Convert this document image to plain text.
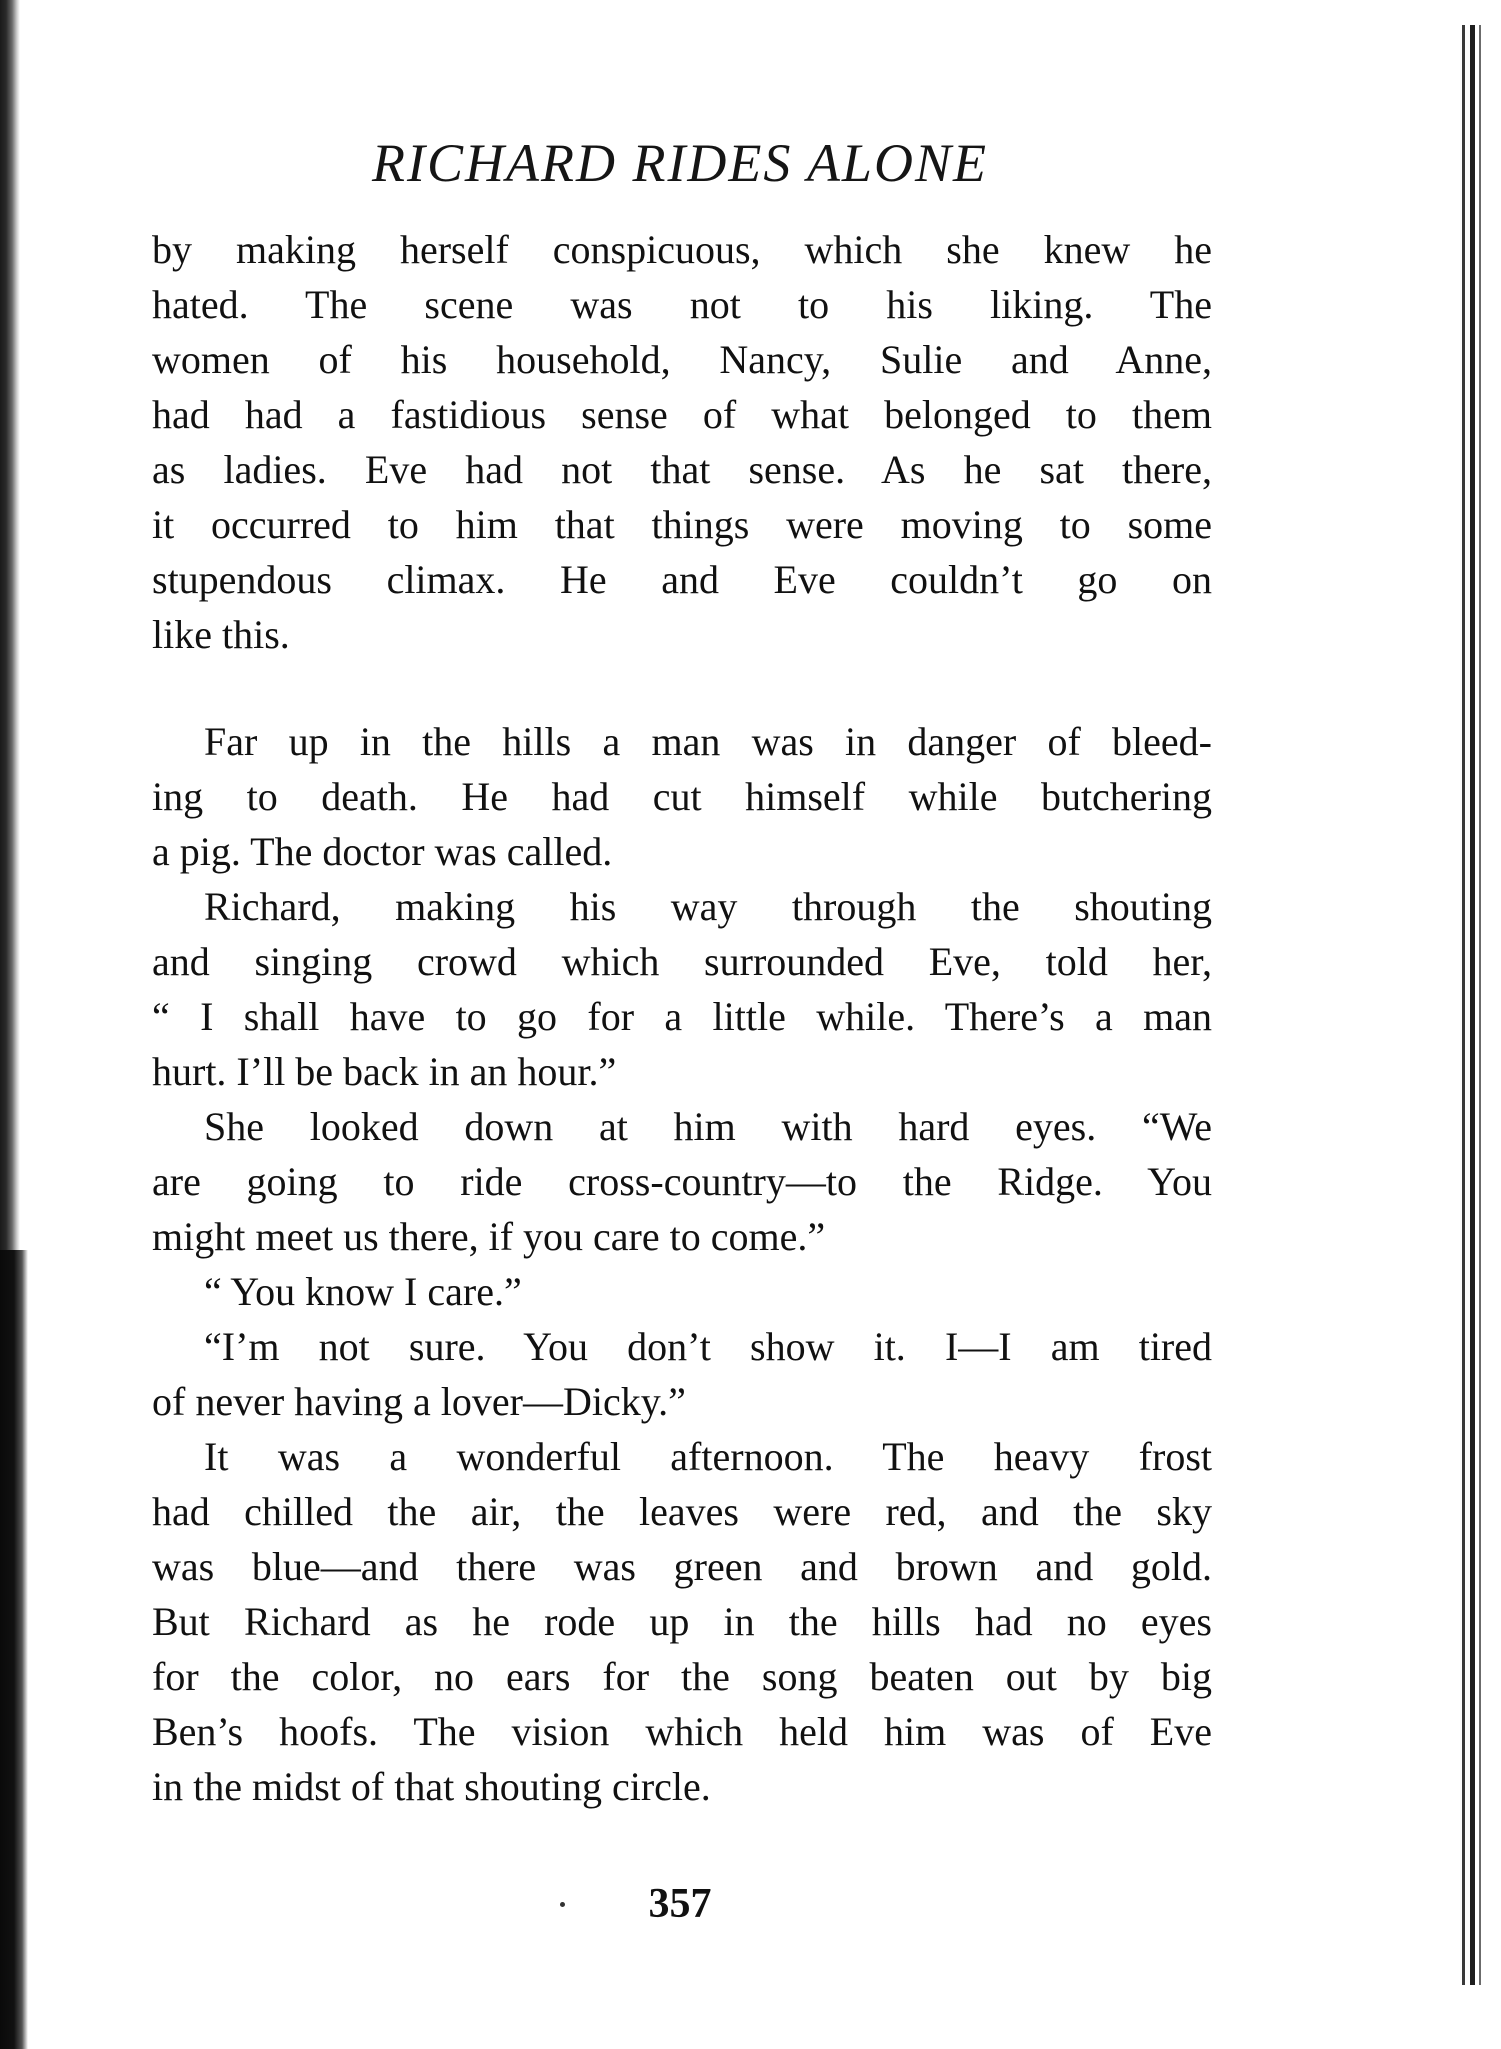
RICHARD RIDES ALONE
by making herself conspicuous, which she knew he
hated. The scene was not to his liking. The
women of his household, Nancy, Sulie and Anne,
had had a fastidious sense of what belonged to them
as ladies. Eve had not that sense. As he sat there,
it occurred to him that things were moving to some
stupendous climax. He and Eve couldn’t go on
like this.
Far up in the hills a man was in danger of bleed-
ing to death. He had cut himself while butchering
a pig. The doctor was called.
Richard, making his way through the shouting
and singing crowd which surrounded Eve, told her,
“ I shall have to go for a little while. There’s a man
hurt. I’ll be back in an hour.”
She looked down at him with hard eyes. “We
are going to ride cross-country—to the Ridge. You
might meet us there, if you care to come.”
“ You know I care.”
“I’m not sure. You don’t show it. I—I am tired
of never having a lover—Dicky.”
It was a wonderful afternoon. The heavy frost
had chilled the air, the leaves were red, and the sky
was blue—and there was green and brown and gold.
But Richard as he rode up in the hills had no eyes
for the color, no ears for the song beaten out by big
Ben’s hoofs. The vision which held him was of Eve
in the midst of that shouting circle.
357
